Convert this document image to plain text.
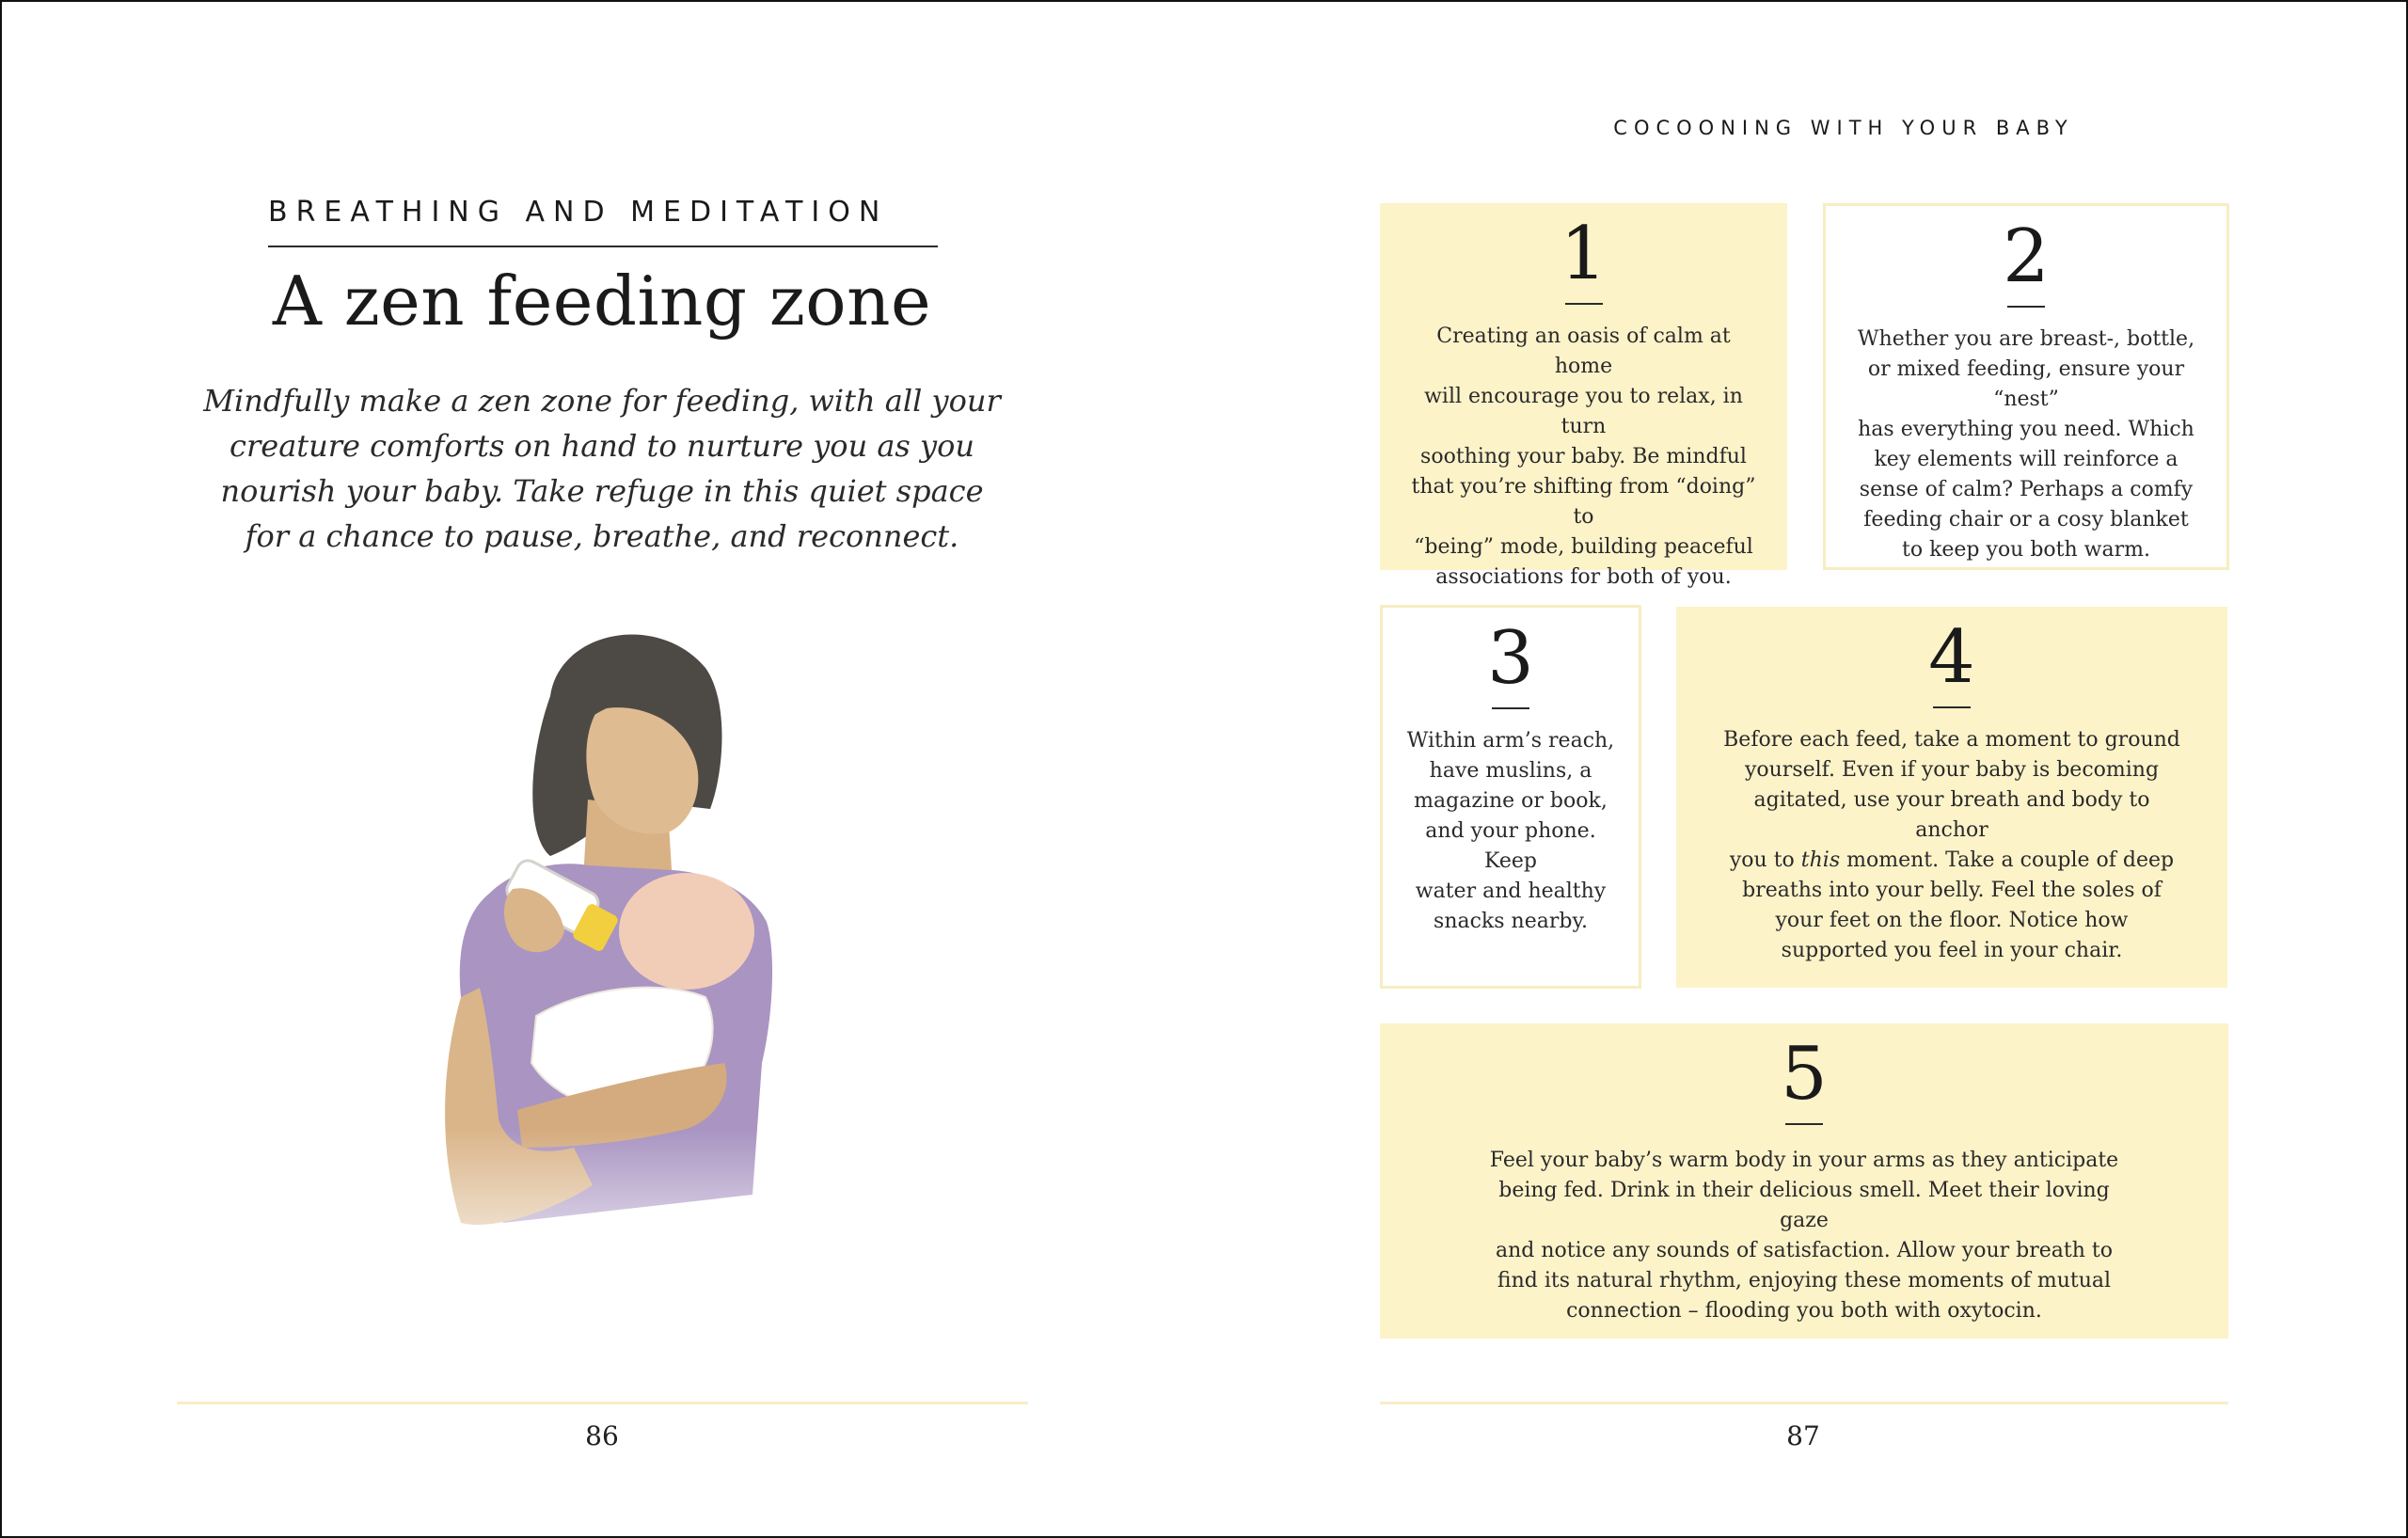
BREATHING AND MEDITATION
A zen feeding zone
Mindfully make a zen zone for feeding, with all your
creature comforts on hand to nurture you as you
nourish your baby. Take refuge in this quiet space
for a chance to pause, breathe, and reconnect.
86
COCOONING WITH YOUR BABY
1
Creating an oasis of calm at home
will encourage you to relax, in turn
soothing your baby. Be mindful
that you’re shifting from “doing” to
“being” mode, building peaceful
associations for both of you.
2
Whether you are breast-, bottle,
or mixed feeding, ensure your “nest”
has everything you need. Which
key elements will reinforce a
sense of calm? Perhaps a comfy
feeding chair or a cosy blanket
to keep you both warm.
3
Within arm’s reach,
have muslins, a
magazine or book,
and your phone. Keep
water and healthy
snacks nearby.
4
Before each feed, take a moment to ground
yourself. Even if your baby is becoming
agitated, use your breath and body to anchor
you to this moment. Take a couple of deep
breaths into your belly. Feel the soles of
your feet on the floor. Notice how
supported you feel in your chair.
5
Feel your baby’s warm body in your arms as they anticipate
being fed. Drink in their delicious smell. Meet their loving gaze
and notice any sounds of satisfaction. Allow your breath to
find its natural rhythm, enjoying these moments of mutual
connection – flooding you both with oxytocin.
87
